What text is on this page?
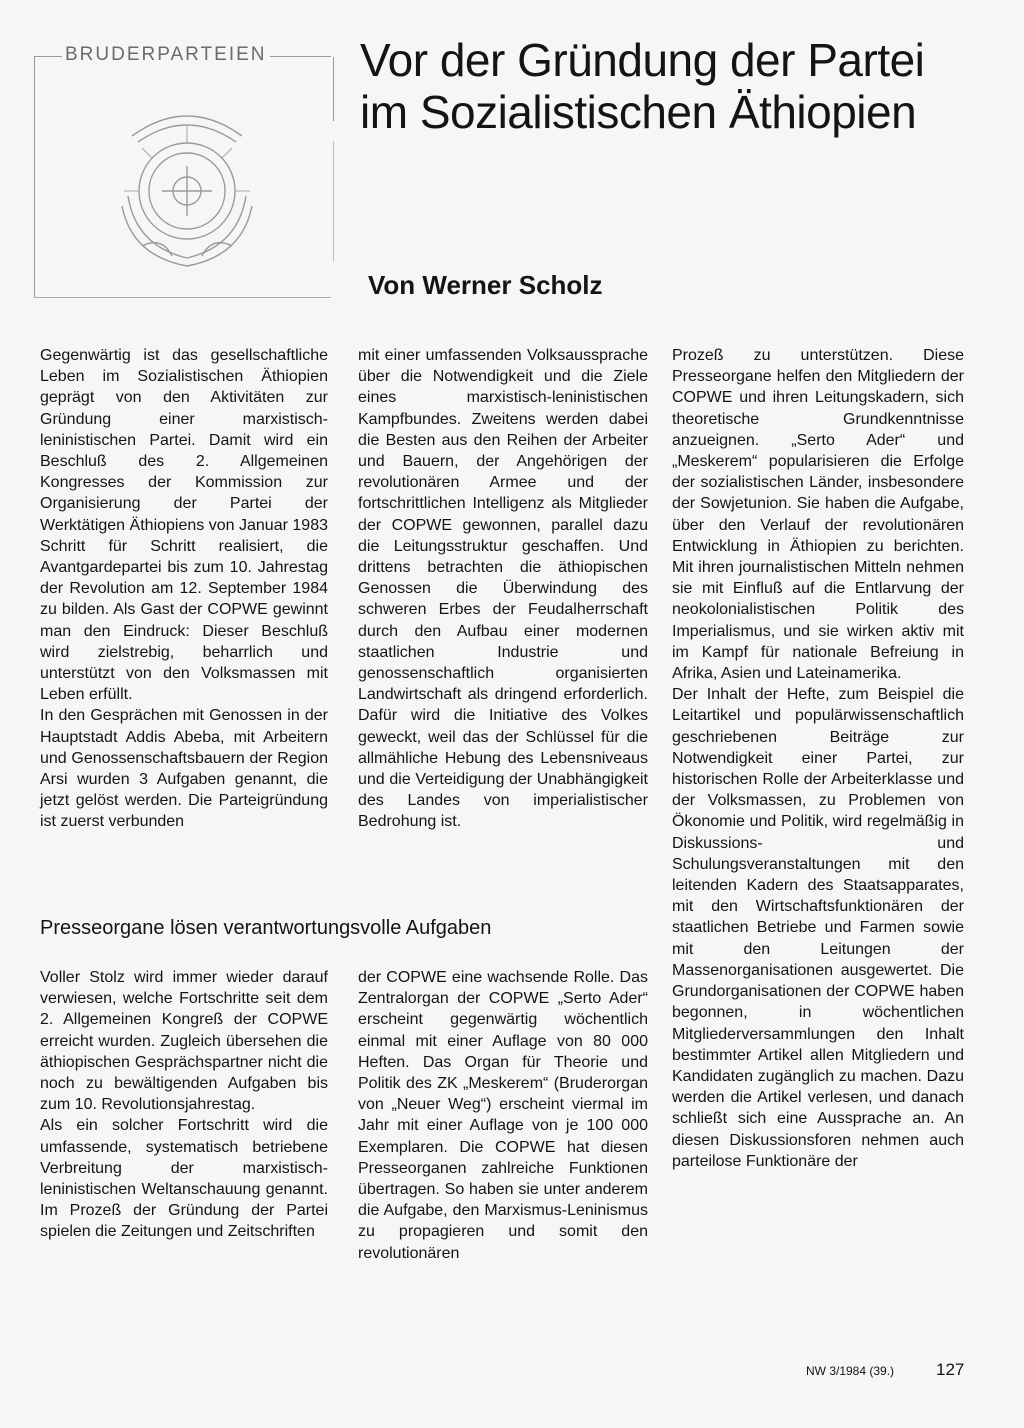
BRUDERPARTEIEN Vor der Gründung der Partei
im Sozialistischen Äthiopien
Von Werner Scholz

Gegenwärtig ist das gesellschaftliche Leben im Sozialistischen Äthiopien geprägt von den Aktivitäten zur Gründung einer marxistisch-leninistischen Partei. Damit wird ein Beschluß des 2. Allgemeinen Kongresses der Kommission zur Organisierung der Partei der Werktätigen Äthiopiens von Januar 1983 Schritt für Schritt realisiert, die Avantgardepartei bis zum 10. Jahrestag der Revolution am 12. September 1984 zu bilden. Als Gast der COPWE gewinnt man den Eindruck: Dieser Beschluß wird zielstrebig, beharrlich und unterstützt von den Volksmassen mit Leben erfüllt.

In den Gesprächen mit Genossen in der Hauptstadt Addis Abeba, mit Arbeitern und Genossenschaftsbauern der Region Arsi wurden 3 Aufgaben genannt, die jetzt gelöst werden. Die Parteigründung ist zuerst verbunden

mit einer umfassenden Volksaussprache über die Notwendigkeit und die Ziele eines marxistisch-leninistischen Kampfbundes. Zweitens werden dabei die Besten aus den Reihen der Arbeiter und Bauern, der Angehörigen der revolutionären Armee und der fortschrittlichen Intelligenz als Mitglieder der COPWE gewonnen, parallel dazu die Leitungsstruktur geschaffen. Und drittens betrachten die äthiopischen Genossen die Überwindung des schweren Erbes der Feudalherrschaft durch den Aufbau einer modernen staatlichen Industrie und genossenschaftlich organisierten Landwirtschaft als dringend erforderlich. Dafür wird die Initiative des Volkes geweckt, weil das der Schlüssel für die allmähliche Hebung des Lebensniveaus und die Verteidigung der Unabhängigkeit des Landes von imperialistischer Bedrohung ist.

Prozeß zu unterstützen. Diese Presseorgane helfen den Mitgliedern der COPWE und ihren Leitungskadern, sich theoretische Grundkenntnisse anzueignen. „Serto Ader“ und „Meskerem“ popularisieren die Erfolge der sozialistischen Länder, insbesondere der Sowjetunion. Sie haben die Aufgabe, über den Verlauf der revolutionären Entwicklung in Äthiopien zu berichten. Mit ihren journalistischen Mitteln nehmen sie mit Einfluß auf die Entlarvung der neokolonialistischen Politik des Imperialismus, und sie wirken aktiv mit im Kampf für nationale Befreiung in Afrika, Asien und Lateinamerika.

Der Inhalt der Hefte, zum Beispiel die Leitartikel und populärwissenschaftlich geschriebenen Beiträge zur Notwendigkeit einer Partei, zur historischen Rolle der Arbeiterklasse und der Volksmassen, zu Problemen von Ökonomie und Politik, wird regelmäßig in Diskussions- und Schulungsveranstaltungen mit den leitenden Kadern des Staatsapparates, mit den Wirtschaftsfunktionären der staatlichen Betriebe und Farmen sowie mit den Leitungen der Massenorganisationen ausgewertet. Die Grundorganisationen der COPWE haben begonnen, in wöchentlichen Mitgliederversammlungen den Inhalt bestimmter Artikel allen Mitgliedern und Kandidaten zugänglich zu machen. Dazu werden die Artikel verlesen, und danach schließt sich eine Aussprache an. An diesen Diskussionsforen nehmen auch parteilose Funktionäre der

Presseorgane lösen verantwortungsvolle Aufgaben

Voller Stolz wird immer wieder darauf verwiesen, welche Fortschritte seit dem 2. Allgemeinen Kongreß der COPWE erreicht wurden. Zugleich übersehen die äthiopischen Gesprächspartner nicht die noch zu bewältigenden Aufgaben bis zum 10. Revolutionsjahrestag.

Als ein solcher Fortschritt wird die umfassende, systematisch betriebene Verbreitung der marxistisch-leninistischen Weltanschauung genannt. Im Prozeß der Gründung der Partei spielen die Zeitungen und Zeitschriften

der COPWE eine wachsende Rolle. Das Zentralorgan der COPWE „Serto Ader“ erscheint gegenwärtig wöchentlich einmal mit einer Auflage von 80 000 Heften. Das Organ für Theorie und Politik des ZK „Meskerem“ (Bruderorgan von „Neuer Weg“) erscheint viermal im Jahr mit einer Auflage von je 100 000 Exemplaren. Die COPWE hat diesen Presseorganen zahlreiche Funktionen übertragen. So haben sie unter anderem die Aufgabe, den Marxismus-Leninismus zu propagieren und somit den revolutionären

NW 3/1984 (39.) 127
